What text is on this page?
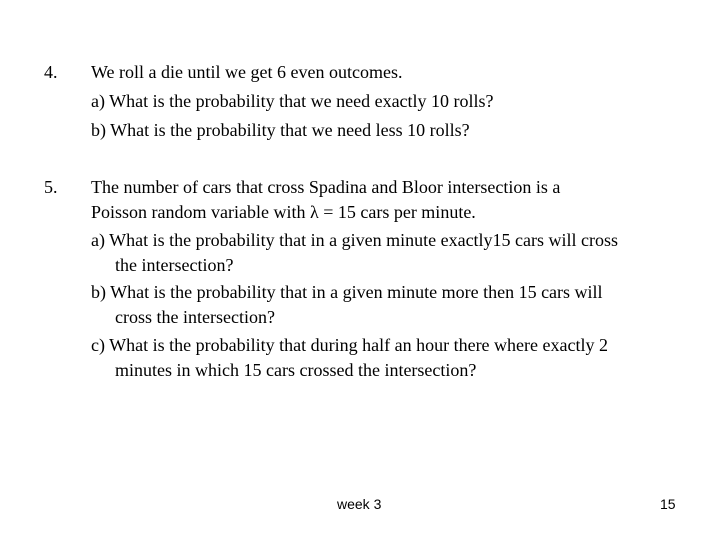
4. We roll a die until we get 6 even outcomes.
a) What is the probability that we need exactly 10 rolls?
b) What is the probability that we need less 10 rolls?
5. The number of cars that cross Spadina and Bloor intersection is a
Poisson random variable with λ = 15 cars per minute.
a) What is the probability that in a given minute exactly15 cars will cross
the intersection?
b) What is the probability that in a given minute more then 15 cars will
cross the intersection?
c) What is the probability that during half an hour there where exactly 2
minutes in which 15 cars crossed the intersection?
week 3	15
